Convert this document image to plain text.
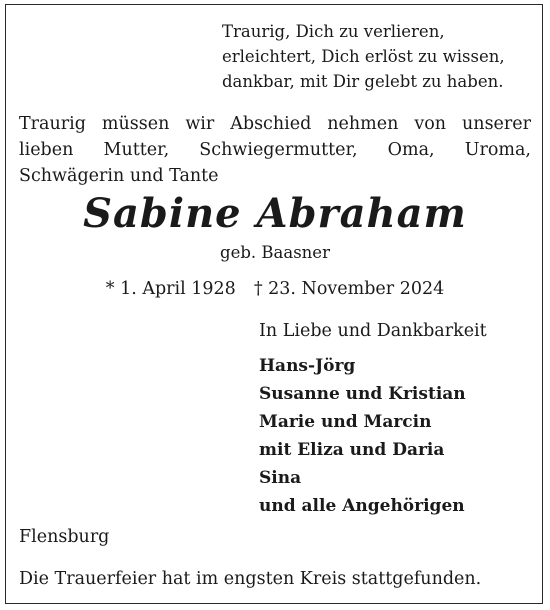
Traurig, Dich zu verlieren,
erleichtert, Dich erlöst zu wissen,
dankbar, mit Dir gelebt zu haben.
Traurig müssen wir Abschied nehmen von unserer
lieben Mutter, Schwiegermutter, Oma, Uroma,
Schwägerin und Tante
Sabine Abraham
geb. Baasner
* 1. April 1928 † 23. November 2024
In Liebe und Dankbarkeit
Hans-Jörg
Susanne und Kristian
Marie und Marcin
mit Eliza und Daria
Sina
und alle Angehörigen
Flensburg
Die Trauerfeier hat im engsten Kreis stattgefunden.
